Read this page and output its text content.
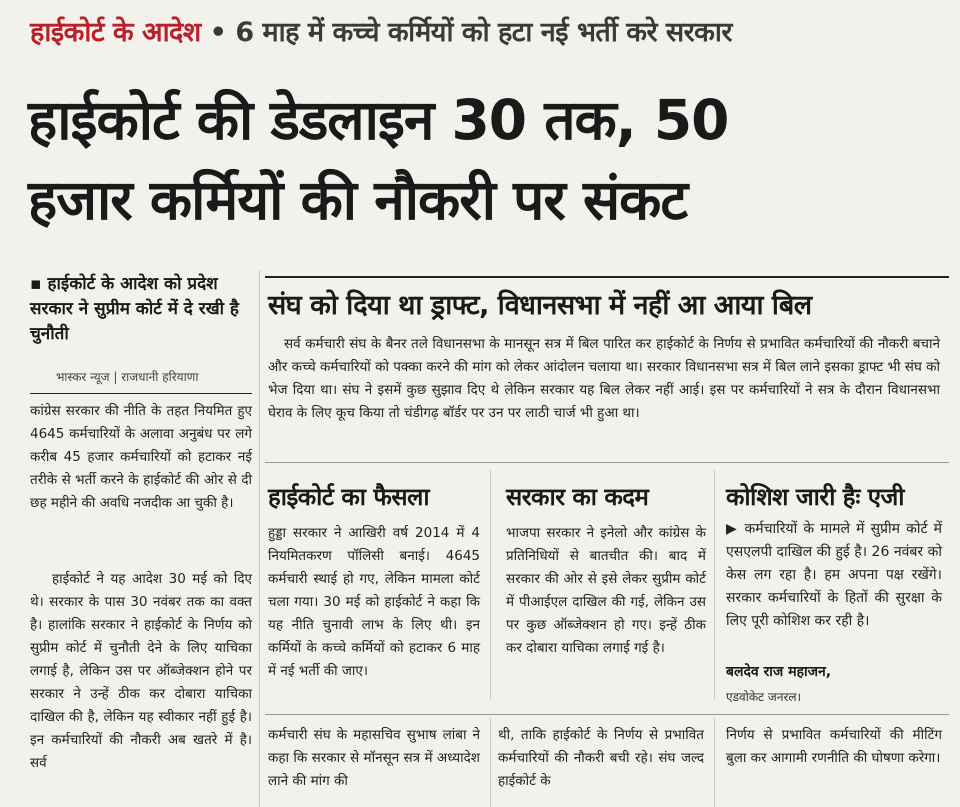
हाईकोर्ट के आदेश • 6 माह में कच्चे कर्मियों को हटा नई भर्ती करे सरकार
हाईकोर्ट की डेडलाइन 30 तक, 50
हजार कर्मियों की नौकरी पर संकट
▪ हाईकोर्ट के आदेश को प्रदेश सरकार ने सुप्रीम कोर्ट में दे रखी है चुनौती
भास्कर न्यूज | राजधानी हरियाणा
कांग्रेस सरकार की नीति के तहत नियमित हुए 4645 कर्मचारियों के अलावा अनुबंध पर लगे करीब 45 हजार कर्मचारियों को हटाकर नई तरीके से भर्ती करने के हाईकोर्ट की ओर से दी छह महीने की अवधि नजदीक आ चुकी है।
हाईकोर्ट ने यह आदेश 30 मई को दिए थे। सरकार के पास 30 नवंबर तक का वक्त है। हालांकि सरकार ने हाईकोर्ट के निर्णय को सुप्रीम कोर्ट में चुनौती देने के लिए याचिका लगाई है, लेकिन उस पर ऑब्जेक्शन होने पर सरकार ने उन्हें ठीक कर दोबारा याचिका दाखिल की है, लेकिन यह स्वीकार नहीं हुई है। इन कर्मचारियों की नौकरी अब खतरे में है। सर्व
संघ को दिया था ड्राफ्ट, विधानसभा में नहीं आ आया बिल
सर्व कर्मचारी संघ के बैनर तले विधानसभा के मानसून सत्र में बिल पारित कर हाईकोर्ट के निर्णय से प्रभावित कर्मचारियों की नौकरी बचाने और कच्चे कर्मचारियों को पक्का करने की मांग को लेकर आंदोलन चलाया था। सरकार विधानसभा सत्र में बिल लाने इसका ड्राफ्ट भी संघ को भेज दिया था। संघ ने इसमें कुछ सुझाव दिए थे लेकिन सरकार यह बिल लेकर नहीं आई। इस पर कर्मचारियों ने सत्र के दौरान विधानसभा घेराव के लिए कूच किया तो चंडीगढ़ बॉर्डर पर उन पर लाठी चार्ज भी हुआ था।
हाईकोर्ट का फैसला
हुड्डा सरकार ने आखिरी वर्ष 2014 में 4 नियमितकरण पॉलिसी बनाई। 4645 कर्मचारी स्थाई हो गए, लेकिन मामला कोर्ट चला गया। 30 मई को हाईकोर्ट ने कहा कि यह नीति चुनावी लाभ के लिए थी। इन कर्मियों के कच्चे कर्मियों को हटाकर 6 माह में नई भर्ती की जाए।
सरकार का कदम
भाजपा सरकार ने इनेलो और कांग्रेस के प्रतिनिधियों से बातचीत की। बाद में सरकार की ओर से इसे लेकर सुप्रीम कोर्ट में पीआईएल दाखिल की गई, लेकिन उस पर कुछ ऑब्जेक्शन हो गए। इन्हें ठीक कर दोबारा याचिका लगाई गई है।
कोशिश जारी हैः एजी
▶ कर्मचारियों के मामले में सुप्रीम कोर्ट में एसएलपी दाखिल की हुई है। 26 नवंबर को केस लग रहा है। हम अपना पक्ष रखेंगे। सरकार कर्मचारियों के हितों की सुरक्षा के लिए पूरी कोशिश कर रही है।
बलदेव राज महाजन,
एडवोकेट जनरल।
कर्मचारी संघ के महासचिव सुभाष लांबा ने कहा कि सरकार से मॉनसून सत्र में अध्यादेश लाने की मांग की
थी, ताकि हाईकोर्ट के निर्णय से प्रभावित कर्मचारियों की नौकरी बची रहे। संघ जल्द हाईकोर्ट के
निर्णय से प्रभावित कर्मचारियों की मीटिंग बुला कर आगामी रणनीति की घोषणा करेगा।
